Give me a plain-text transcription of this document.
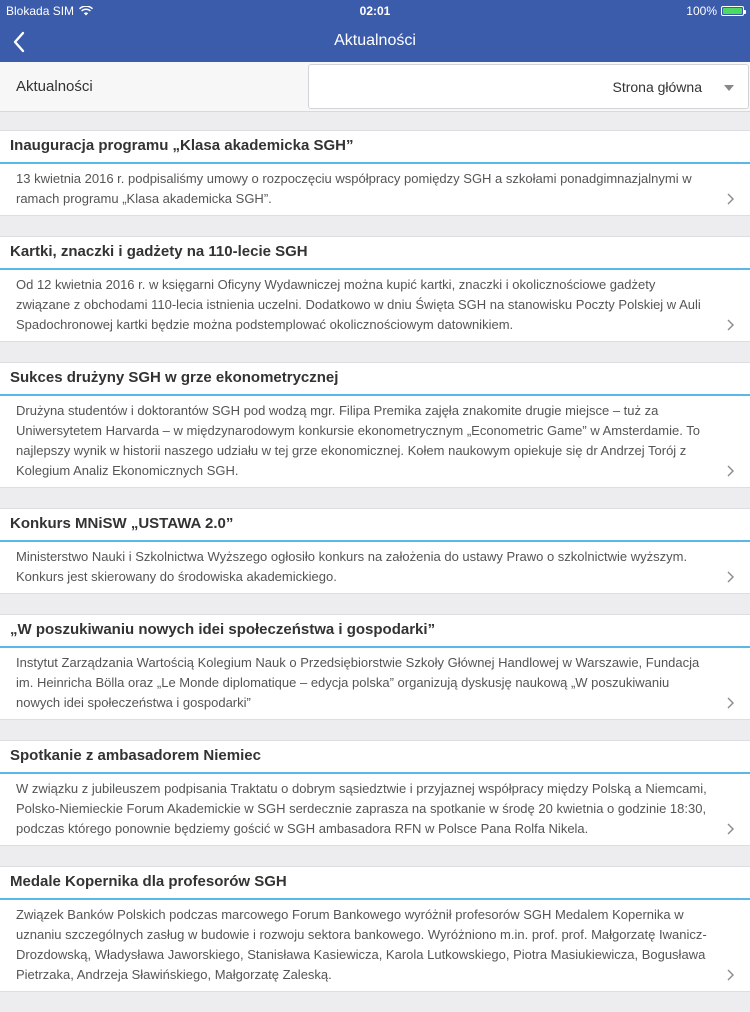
Blokada SIM	02:01	100%
Aktualności
Aktualności	Strona główna
Inauguracja programu „Klasa akademicka SGH”
13 kwietnia 2016 r. podpisaliśmy umowy o rozpoczęciu współpracy pomiędzy SGH a szkołami ponadgimnazjalnymi w ramach programu „Klasa akademicka SGH”.
Kartki, znaczki i gadżety na 110-lecie SGH
Od 12 kwietnia 2016 r. w księgarni Oficyny Wydawniczej można kupić kartki, znaczki i okolicznościowe gadżety związane z obchodami 110-lecia istnienia uczelni. Dodatkowo w dniu Święta SGH na stanowisku Poczty Polskiej w Auli Spadochronowej kartki będzie można podstemplować okolicznościowym datownikiem.
Sukces drużyny SGH w grze ekonometrycznej
Drużyna studentów i doktorantów SGH pod wodzą mgr. Filipa Premika zajęła znakomite drugie miejsce – tuż za Uniwersytetem Harvarda – w międzynarodowym konkursie ekonometrycznym „Econometric Game” w Amsterdamie. To najlepszy wynik w historii naszego udziału w tej grze ekonomicznej. Kołem naukowym opiekuje się dr Andrzej Torój z Kolegium Analiz Ekonomicznych SGH.
Konkurs MNiSW „USTAWA 2.0”
Ministerstwo Nauki i Szkolnictwa Wyższego ogłosiło konkurs na założenia do ustawy Prawo o szkolnictwie wyższym. Konkurs jest skierowany do środowiska akademickiego.
„W poszukiwaniu nowych idei społeczeństwa i gospodarki”
Instytut Zarządzania Wartością Kolegium Nauk o Przedsiębiorstwie Szkoły Głównej Handlowej w Warszawie, Fundacja im. Heinricha Bölla oraz „Le Monde diplomatique – edycja polska” organizują dyskusję naukową „W poszukiwaniu nowych idei społeczeństwa i gospodarki”
Spotkanie z ambasadorem Niemiec
W związku z jubileuszem podpisania Traktatu o dobrym sąsiedztwie i przyjaznej współpracy między Polską a Niemcami, Polsko-Niemieckie Forum Akademickie w SGH serdecznie zaprasza na spotkanie w środę 20 kwietnia o godzinie 18:30, podczas którego ponownie będziemy gościć w SGH ambasadora RFN w Polsce Pana Rolfa Nikela.
Medale Kopernika dla profesorów SGH
Związek Banków Polskich podczas marcowego Forum Bankowego wyróżnił profesorów SGH Medalem Kopernika w uznaniu szczególnych zasług w budowie i rozwoju sektora bankowego. Wyróżniono m.in. prof. prof. Małgorzatę Iwanicz-Drozdowską, Władysława Jaworskiego, Stanisława Kasiewicza, Karola Lutkowskiego, Piotra Masiukiewicza, Bogusława Pietrzaka, Andrzeja Sławińskiego, Małgorzatę Zaleską.
